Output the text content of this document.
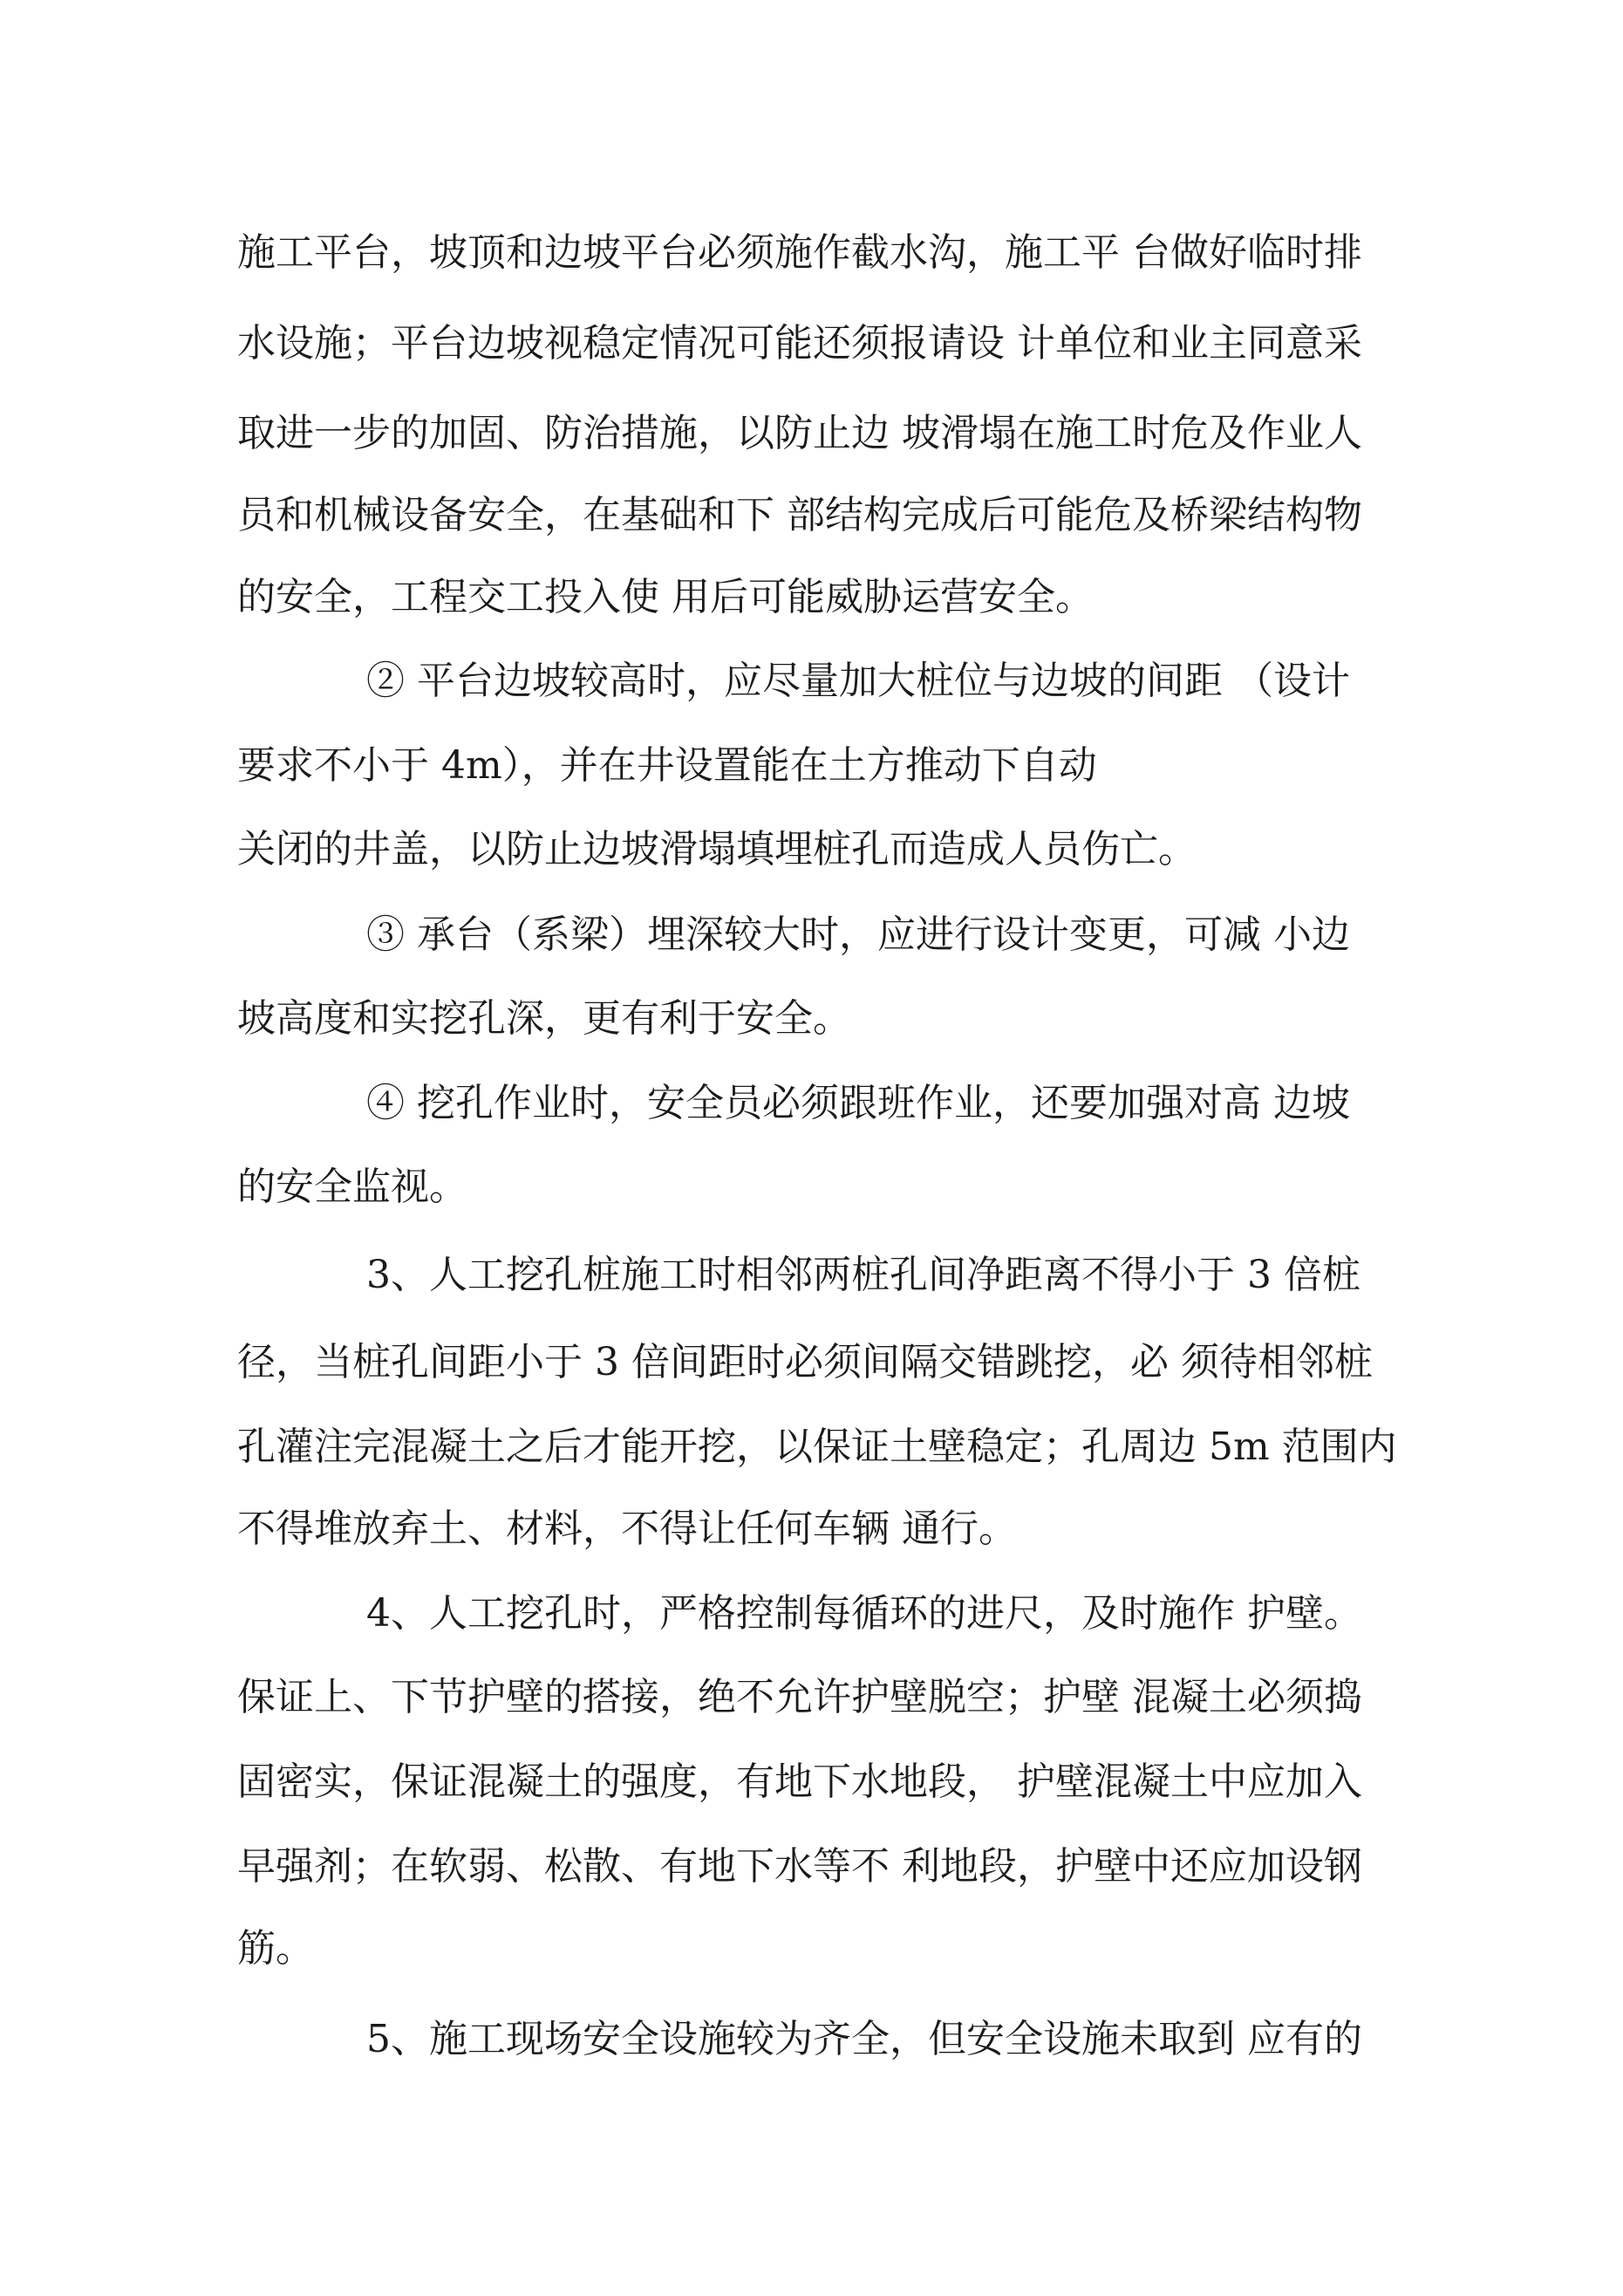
施工平台，坡顶和边坡平台必须施作截水沟，施工平 台做好临时排
水设施；平台边坡视稳定情况可能还须报请设 计单位和业主同意采
取进一步的加固、防治措施，以防止边 坡滑塌在施工时危及作业人
员和机械设备安全，在基础和下 部结构完成后可能危及桥梁结构物
的安全，工程交工投入使 用后可能威胁运营安全。
② 平台边坡较高时，应尽量加大桩位与边坡的间距 （设计
要求不小于 4m），并在井设置能在土方推动下自动
关闭的井盖，以防止边坡滑塌填埋桩孔而造成人员伤亡。
③ 承台（系梁）埋深较大时，应进行设计变更，可减 小边
坡高度和实挖孔深，更有利于安全。
④ 挖孔作业时，安全员必须跟班作业，还要加强对高 边坡
的安全监视。
3、人工挖孔桩施工时相邻两桩孔间净距离不得小于 3 倍桩
径，当桩孔间距小于 3 倍间距时必须间隔交错跳挖，必 须待相邻桩
孔灌注完混凝土之后才能开挖，以保证土壁稳定；孔周边 5m 范围内
不得堆放弃土、材料，不得让任何车辆 通行。
4、人工挖孔时，严格控制每循环的进尺，及时施作 护壁。
保证上、下节护壁的搭接，绝不允许护壁脱空；护壁 混凝土必须捣
固密实，保证混凝土的强度，有地下水地段， 护壁混凝土中应加入
早强剂；在软弱、松散、有地下水等不 利地段，护壁中还应加设钢
筋。
5、施工现场安全设施较为齐全，但安全设施未取到 应有的
